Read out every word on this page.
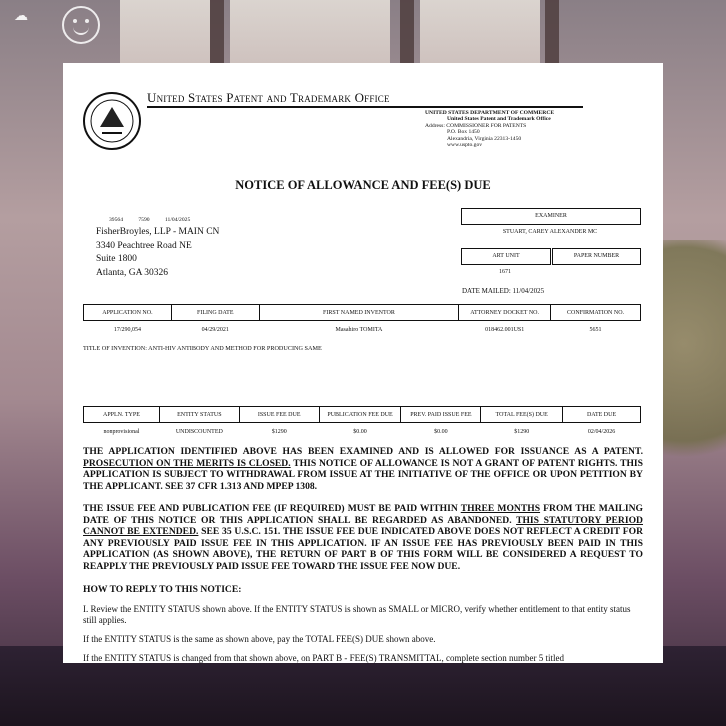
☁︎
United States Patent and Trademark Office
UNITED STATES DEPARTMENT OF COMMERCE
United States Patent and Trademark Office
Address: COMMISSIONER FOR PATENTS
P.O. Box 1450
Alexandria, Virginia 22313-1450
www.uspto.gov
NOTICE OF ALLOWANCE AND FEE(S) DUE
39564 7590 11/04/2025
FisherBroyles, LLP - MAIN CN
3340 Peachtree Road NE
Suite 1800
Atlanta, GA 30326
EXAMINER
STUART, CAREY ALEXANDER MC
ART UNIT	PAPER NUMBER
1671
DATE MAILED: 11/04/2025
APPLICATION NO.	FILING DATE	FIRST NAMED INVENTOR	ATTORNEY DOCKET NO.	CONFIRMATION NO.
17/290,054	04/29/2021	Masahiro TOMITA	018462.001US1	5651
TITLE OF INVENTION: ANTI-HIV ANTIBODY AND METHOD FOR PRODUCING SAME
APPLN. TYPE	ENTITY STATUS	ISSUE FEE DUE	PUBLICATION FEE DUE	PREV. PAID ISSUE FEE	TOTAL FEE(S) DUE	DATE DUE
nonprovisional	UNDISCOUNTED	$1290	$0.00	$0.00	$1290	02/04/2026
THE APPLICATION IDENTIFIED ABOVE HAS BEEN EXAMINED AND IS ALLOWED FOR ISSUANCE AS A PATENT. PROSECUTION ON THE MERITS IS CLOSED. THIS NOTICE OF ALLOWANCE IS NOT A GRANT OF PATENT RIGHTS. THIS APPLICATION IS SUBJECT TO WITHDRAWAL FROM ISSUE AT THE INITIATIVE OF THE OFFICE OR UPON PETITION BY THE APPLICANT. SEE 37 CFR 1.313 AND MPEP 1308.
THE ISSUE FEE AND PUBLICATION FEE (IF REQUIRED) MUST BE PAID WITHIN THREE MONTHS FROM THE MAILING DATE OF THIS NOTICE OR THIS APPLICATION SHALL BE REGARDED AS ABANDONED. THIS STATUTORY PERIOD CANNOT BE EXTENDED. SEE 35 U.S.C. 151. THE ISSUE FEE DUE INDICATED ABOVE DOES NOT REFLECT A CREDIT FOR ANY PREVIOUSLY PAID ISSUE FEE IN THIS APPLICATION. IF AN ISSUE FEE HAS PREVIOUSLY BEEN PAID IN THIS APPLICATION (AS SHOWN ABOVE), THE RETURN OF PART B OF THIS FORM WILL BE CONSIDERED A REQUEST TO REAPPLY THE PREVIOUSLY PAID ISSUE FEE TOWARD THE ISSUE FEE NOW DUE.
HOW TO REPLY TO THIS NOTICE:
I. Review the ENTITY STATUS shown above. If the ENTITY STATUS is shown as SMALL or MICRO, verify whether entitlement to that entity status still applies.
If the ENTITY STATUS is the same as shown above, pay the TOTAL FEE(S) DUE shown above.
If the ENTITY STATUS is changed from that shown above, on PART B - FEE(S) TRANSMITTAL, complete section number 5 titled
